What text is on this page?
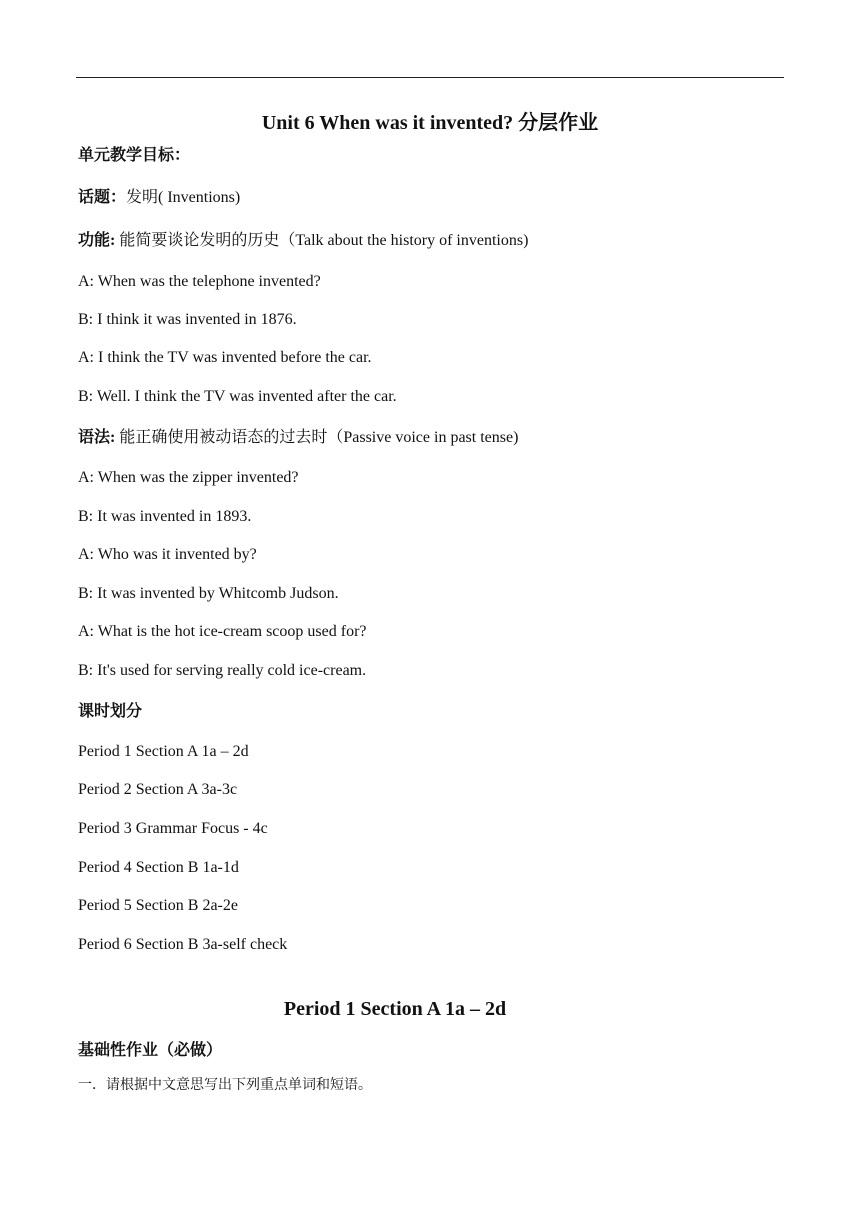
Unit 6 When was it invented? 分层作业
单元教学目标：
话题：发明( Inventions)
功能: 能简要谈论发明的历史（Talk about the history of inventions)
A: When was the telephone invented?
B: I think it was invented in 1876.
A: I think the TV was invented before the car.
B: Well. I think the TV was invented after the car.
语法: 能正确使用被动语态的过去时（Passive voice in past tense)
A: When was the zipper invented?
B: It was invented in 1893.
A: Who was it invented by?
B: It was invented by Whitcomb Judson.
A: What is the hot ice-cream scoop used for?
B: It's used for serving really cold ice-cream.
课时划分
Period 1 Section A 1a – 2d
Period 2 Section A 3a-3c
Period 3 Grammar Focus - 4c
Period 4 Section B 1a-1d
Period 5 Section B 2a-2e
Period 6 Section B 3a-self check
Period 1 Section A 1a – 2d
基础性作业（必做）
一．请根据中文意思写出下列重点单词和短语。
